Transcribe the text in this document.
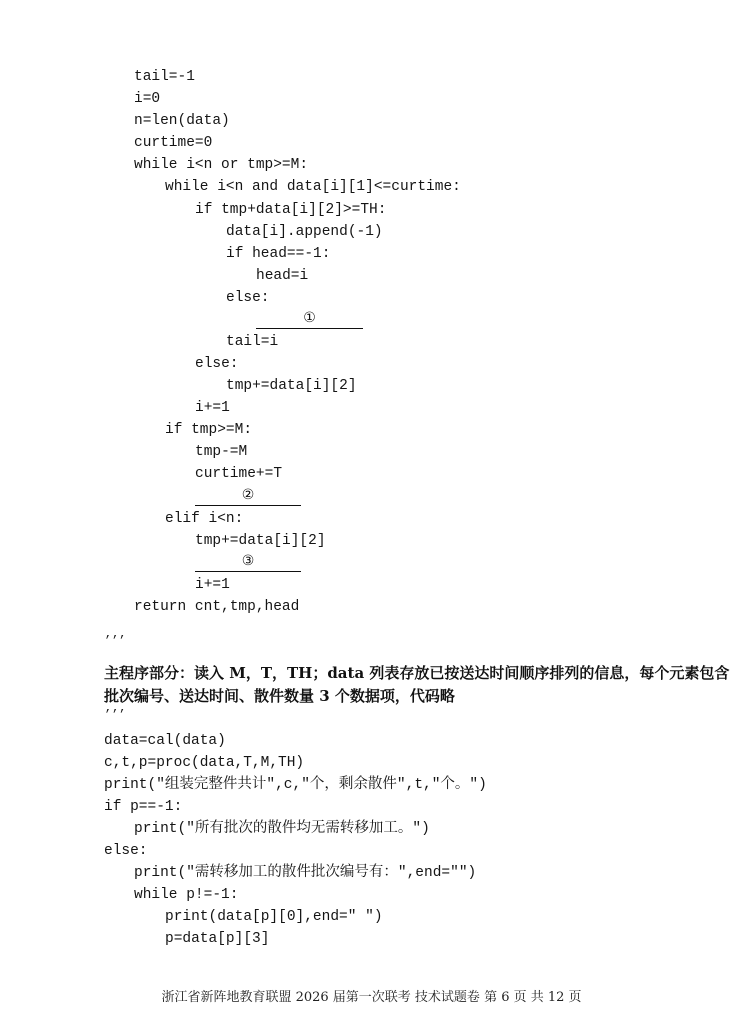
tail=-1
i=0
n=len(data)
curtime=0
while i<n or tmp>=M:
while i<n and data[i][1]<=curtime:
if tmp+data[i][2]>=TH:
data[i].append(-1)
if head==-1:
head=i
else:
①
tail=i
else:
tmp+=data[i][2]
i+=1
if tmp>=M:
tmp-=M
curtime+=T
②
elif i<n:
tmp+=data[i][2]
③
i+=1
return cnt,tmp,head
’’’
主程序部分：读入 M，T，TH；data 列表存放已按送达时间顺序排列的信息，每个元素包含
批次编号、送达时间、散件数量 3 个数据项，代码略
’’’
data=cal(data)
c,t,p=proc(data,T,M,TH)
print("组装完整件共计",c,"个，剩余散件",t,"个。")
if p==-1:
print("所有批次的散件均无需转移加工。")
else:
print("需转移加工的散件批次编号有：",end="")
while p!=-1:
print(data[p][0],end=" ")
p=data[p][3]
浙江省新阵地教育联盟 2026 届第一次联考 技术试题卷 第 6 页 共 12 页
